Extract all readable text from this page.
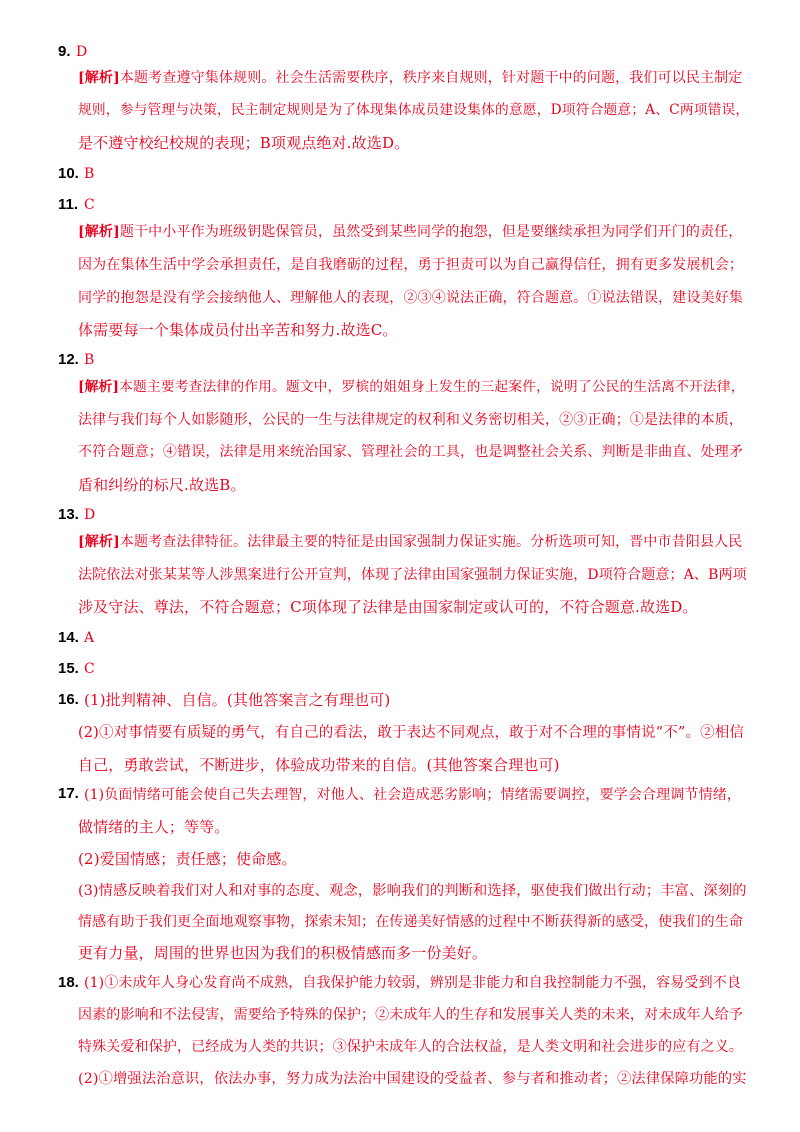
9. D
[解析]本题考查遵守集体规则。社会生活需要秩序，秩序来自规则，针对题干中的问题，我们可以民主制定
规则，参与管理与决策，民主制定规则是为了体现集体成员建设集体的意愿，D项符合题意；A、C两项错误，
是不遵守校纪校规的表现；B项观点绝对.故选D。
10. B
11. C
[解析]题干中小平作为班级钥匙保管员，虽然受到某些同学的抱怨，但是要继续承担为同学们开门的责任，
因为在集体生活中学会承担责任，是自我磨砺的过程，勇于担责可以为自己赢得信任，拥有更多发展机会；
同学的抱怨是没有学会接纳他人、理解他人的表现，②③④说法正确，符合题意。①说法错误，建设美好集
体需要每一个集体成员付出辛苦和努力.故选C。
12. B
[解析]本题主要考查法律的作用。题文中，罗槟的姐姐身上发生的三起案件，说明了公民的生活离不开法律，
法律与我们每个人如影随形，公民的一生与法律规定的权利和义务密切相关，②③正确；①是法律的本质，
不符合题意；④错误，法律是用来统治国家、管理社会的工具，也是调整社会关系、判断是非曲直、处理矛
盾和纠纷的标尺.故选B。
13. D
[解析]本题考查法律特征。法律最主要的特征是由国家强制力保证实施。分析选项可知，晋中市昔阳县人民
法院依法对张某某等人涉黑案进行公开宣判，体现了法律由国家强制力保证实施，D项符合题意；A、B两项
涉及守法、尊法，不符合题意；C项体现了法律是由国家制定或认可的，不符合题意.故选D。
14. A
15. C
16. (1)批判精神、自信。(其他答案言之有理也可)
(2)①对事情要有质疑的勇气，有自己的看法，敢于表达不同观点，敢于对不合理的事情说“不”。②相信
自己，勇敢尝试，不断进步，体验成功带来的自信。(其他答案合理也可)
17. (1)负面情绪可能会使自己失去理智，对他人、社会造成恶劣影响；情绪需要调控，要学会合理调节情绪，
做情绪的主人；等等。
(2)爱国情感；责任感；使命感。
(3)情感反映着我们对人和对事的态度、观念，影响我们的判断和选择，驱使我们做出行动；丰富、深刻的
情感有助于我们更全面地观察事物，探索未知；在传递美好情感的过程中不断获得新的感受，使我们的生命
更有力量，周围的世界也因为我们的积极情感而多一份美好。
18. (1)①未成年人身心发育尚不成熟，自我保护能力较弱，辨别是非能力和自我控制能力不强，容易受到不良
因素的影响和不法侵害，需要给予特殊的保护；②未成年人的生存和发展事关人类的未来，对未成年人给予
特殊关爱和保护，已经成为人类的共识；③保护未成年人的合法权益，是人类文明和社会进步的应有之义。
(2)①增强法治意识，依法办事，努力成为法治中国建设的受益者、参与者和推动者；②法律保障功能的实
